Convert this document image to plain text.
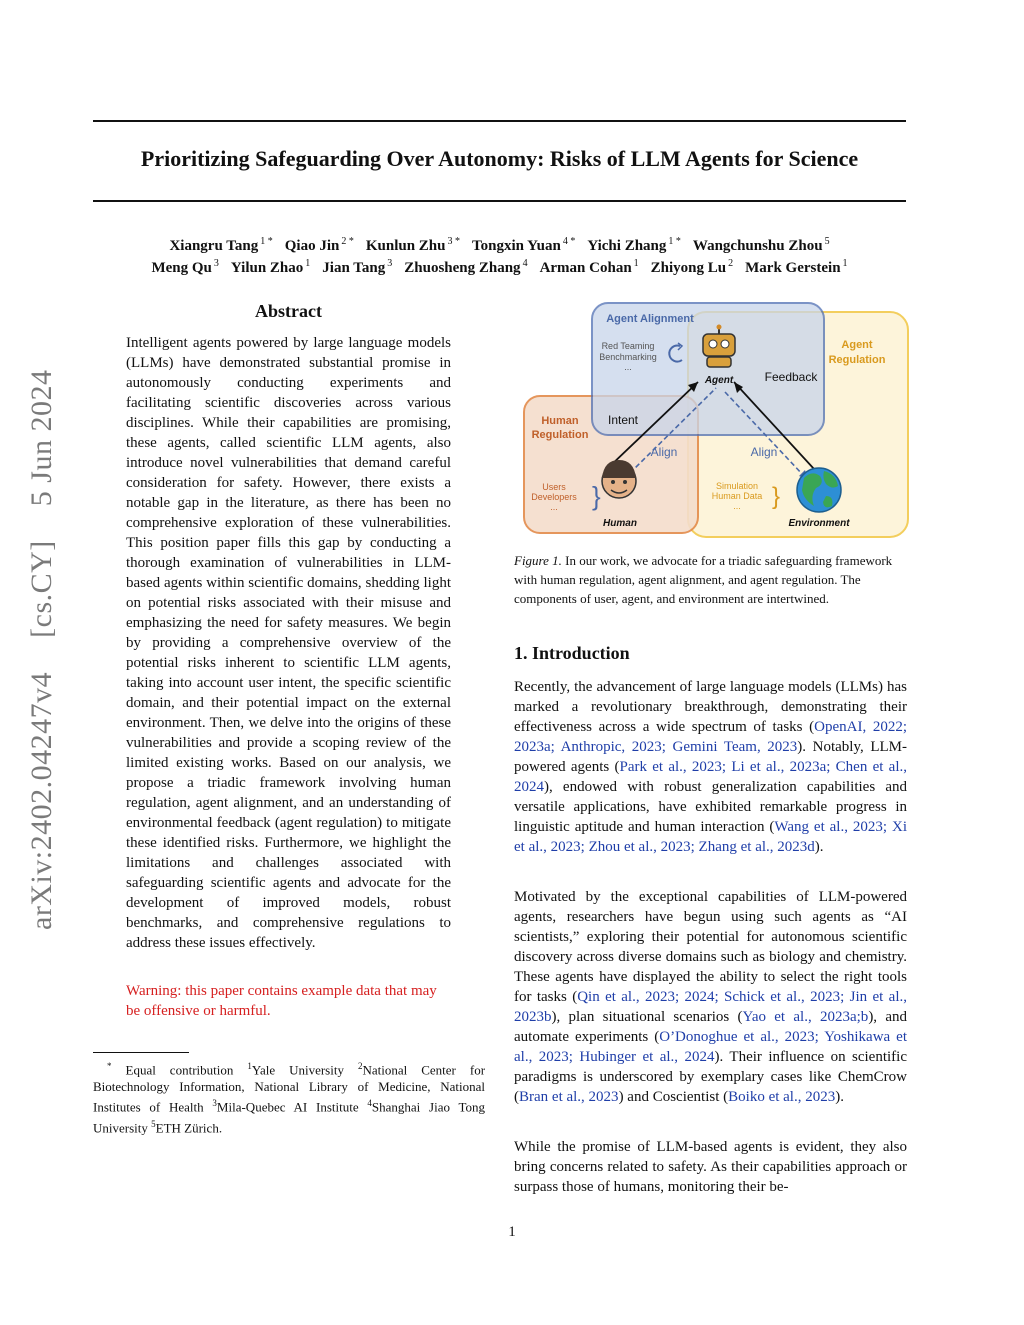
arXiv:2402.04247v4 [cs.CY] 5 Jun 2024
Prioritizing Safeguarding Over Autonomy: Risks of LLM Agents for Science
Xiangru Tang $^{1 *}$ Qiao Jin $^{2 *}$ Kunlun Zhu $^{3 *}$ Tongxin Yuan $^{4 *}$ Yichi Zhang $^{1 *}$ Wangchunshu Zhou $^5$
Meng Qu $^3$ Yilun Zhao $^1$ Jian Tang $^3$ Zhuosheng Zhang $^4$ Arman Cohan $^1$ Zhiyong Lu $^2$ Mark Gerstein $^1$
Abstract
Intelligent agents powered by large language models (LLMs) have demonstrated substantial promise in autonomously conducting experiments and facilitating scientific discoveries across various disciplines. While their capabilities are promising, these agents, called scientific LLM agents, also introduce novel vulnerabilities that demand careful consideration for safety. However, there exists a notable gap in the literature, as there has been no comprehensive exploration of these vulnerabilities. This position paper fills this gap by conducting a thorough examination of vulnerabilities in LLM-based agents within scientific domains, shedding light on potential risks associated with their misuse and emphasizing the need for safety measures. We begin by providing a comprehensive overview of the potential risks inherent to scientific LLM agents, taking into account user intent, the specific scientific domain, and their potential impact on the external environment. Then, we delve into the origins of these vulnerabilities and provide a scoping review of the limited existing works. Based on our analysis, we propose a triadic framework involving human regulation, agent alignment, and an understanding of environmental feedback (agent regulation) to mitigate these identified risks. Furthermore, we highlight the limitations and challenges associated with safeguarding scientific agents and advocate for the development of improved models, robust benchmarks, and comprehensive regulations to address these issues effectively.
Warning: this paper contains example data that may be offensive or harmful.
* Equal contribution $^1$Yale University $^2$National Center for Biotechnology Information, National Library of Medicine, National Institutes of Health $^3$Mila-Quebec AI Institute $^4$Shanghai Jiao Tong University $^5$ETH Zürich.
Agent Alignment
Red Teaming
Benchmarking
...
Agent	Feedback
Agent
Regulation
Human
Regulation
Intent
Align	Align
Users
Developers
... }
Human
Simulation
Human Data
... }
Environment
Figure 1. In our work, we advocate for a triadic safeguarding framework with human regulation, agent alignment, and agent regulation. The components of user, agent, and environment are intertwined.
1. Introduction
Recently, the advancement of large language models (LLMs) has marked a revolutionary breakthrough, demonstrating their effectiveness across a wide spectrum of tasks (OpenAI, 2022; 2023a; Anthropic, 2023; Gemini Team, 2023). Notably, LLM-powered agents (Park et al., 2023; Li et al., 2023a; Chen et al., 2024), endowed with robust generalization capabilities and versatile applications, have exhibited remarkable progress in linguistic aptitude and human interaction (Wang et al., 2023; Xi et al., 2023; Zhou et al., 2023; Zhang et al., 2023d).
Motivated by the exceptional capabilities of LLM-powered agents, researchers have begun using such agents as “AI scientists,” exploring their potential for autonomous scientific discovery across diverse domains such as biology and chemistry. These agents have displayed the ability to select the right tools for tasks (Qin et al., 2023; 2024; Schick et al., 2023; Jin et al., 2023b), plan situational scenarios (Yao et al., 2023a;b), and automate experiments (O’Donoghue et al., 2023; Yoshikawa et al., 2023; Hubinger et al., 2024). Their influence on scientific paradigms is underscored by exemplary cases like ChemCrow (Bran et al., 2023) and Coscientist (Boiko et al., 2023).
While the promise of LLM-based agents is evident, they also bring concerns related to safety. As their capabilities approach or surpass those of humans, monitoring their be-
1
